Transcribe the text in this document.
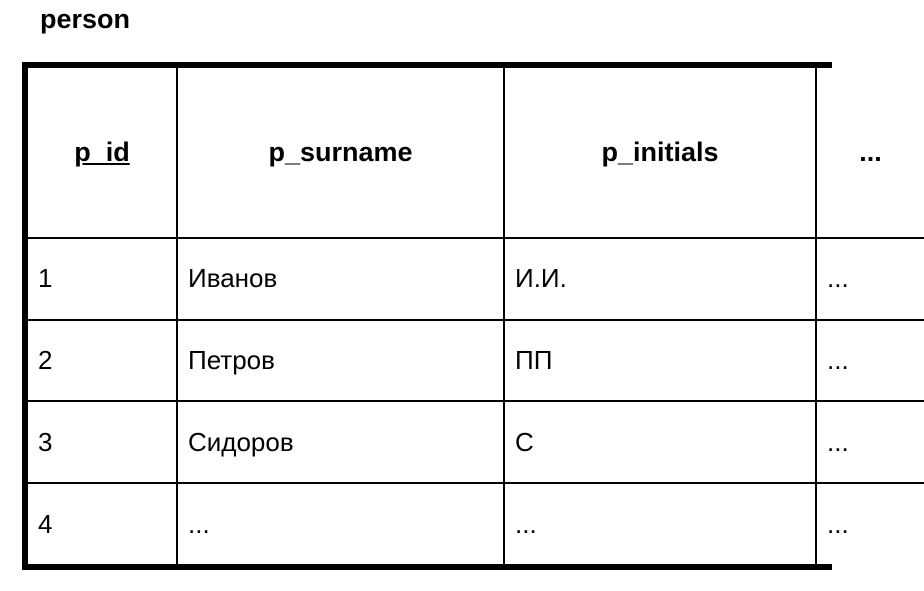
person
p_id	p_surname	p_initials	...
1	Иванов	И.И.	...
2	Петров	ПП	...
3	Сидоров	С	...
4	...	...	...
